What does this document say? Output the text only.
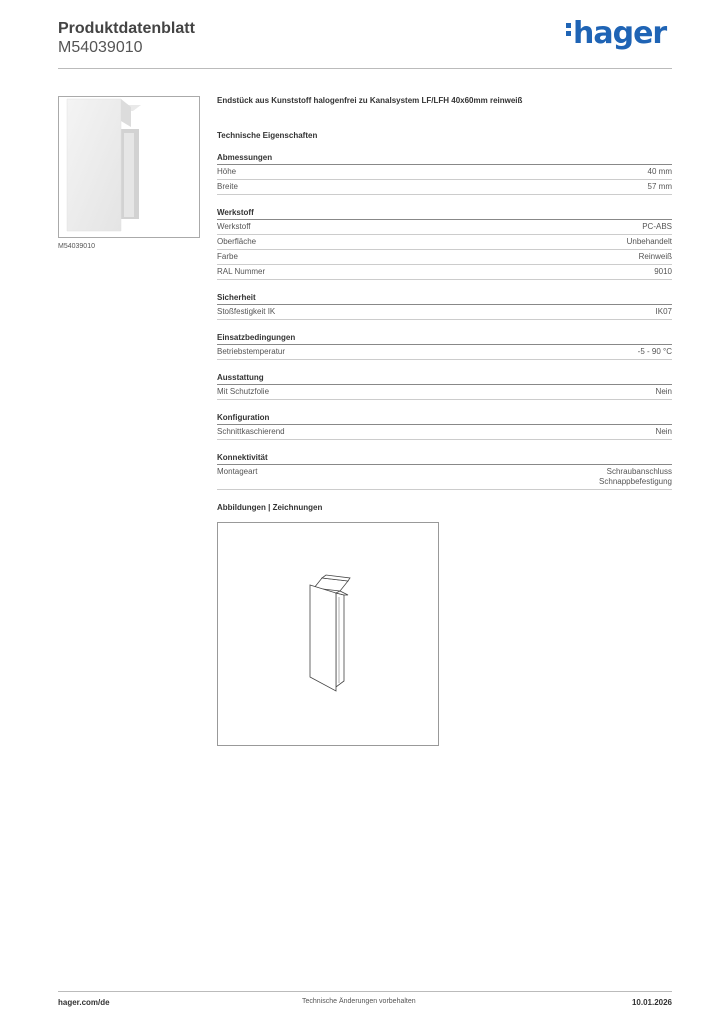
Produktdatenblatt
M54039010	hager
M54039010
Endstück aus Kunststoff halogenfrei zu Kanalsystem LF/LFH 40x60mm reinweiß
Technische Eigenschaften
Abmessungen
Höhe	40 mm
Breite	57 mm
Werkstoff
Werkstoff	PC-ABS
Oberfläche	Unbehandelt
Farbe	Reinweiß
RAL Nummer	9010
Sicherheit
Stoßfestigkeit IK	IK07
Einsatzbedingungen
Betriebstemperatur	-5 - 90 °C
Ausstattung
Mit Schutzfolie	Nein
Konfiguration
Schnittkaschierend	Nein
Konnektivität
Montageart	Schraubanschluss
Schnappbefestigung
Abbildungen | Zeichnungen
hager.com/de	Technische Änderungen vorbehalten	10.01.2026
